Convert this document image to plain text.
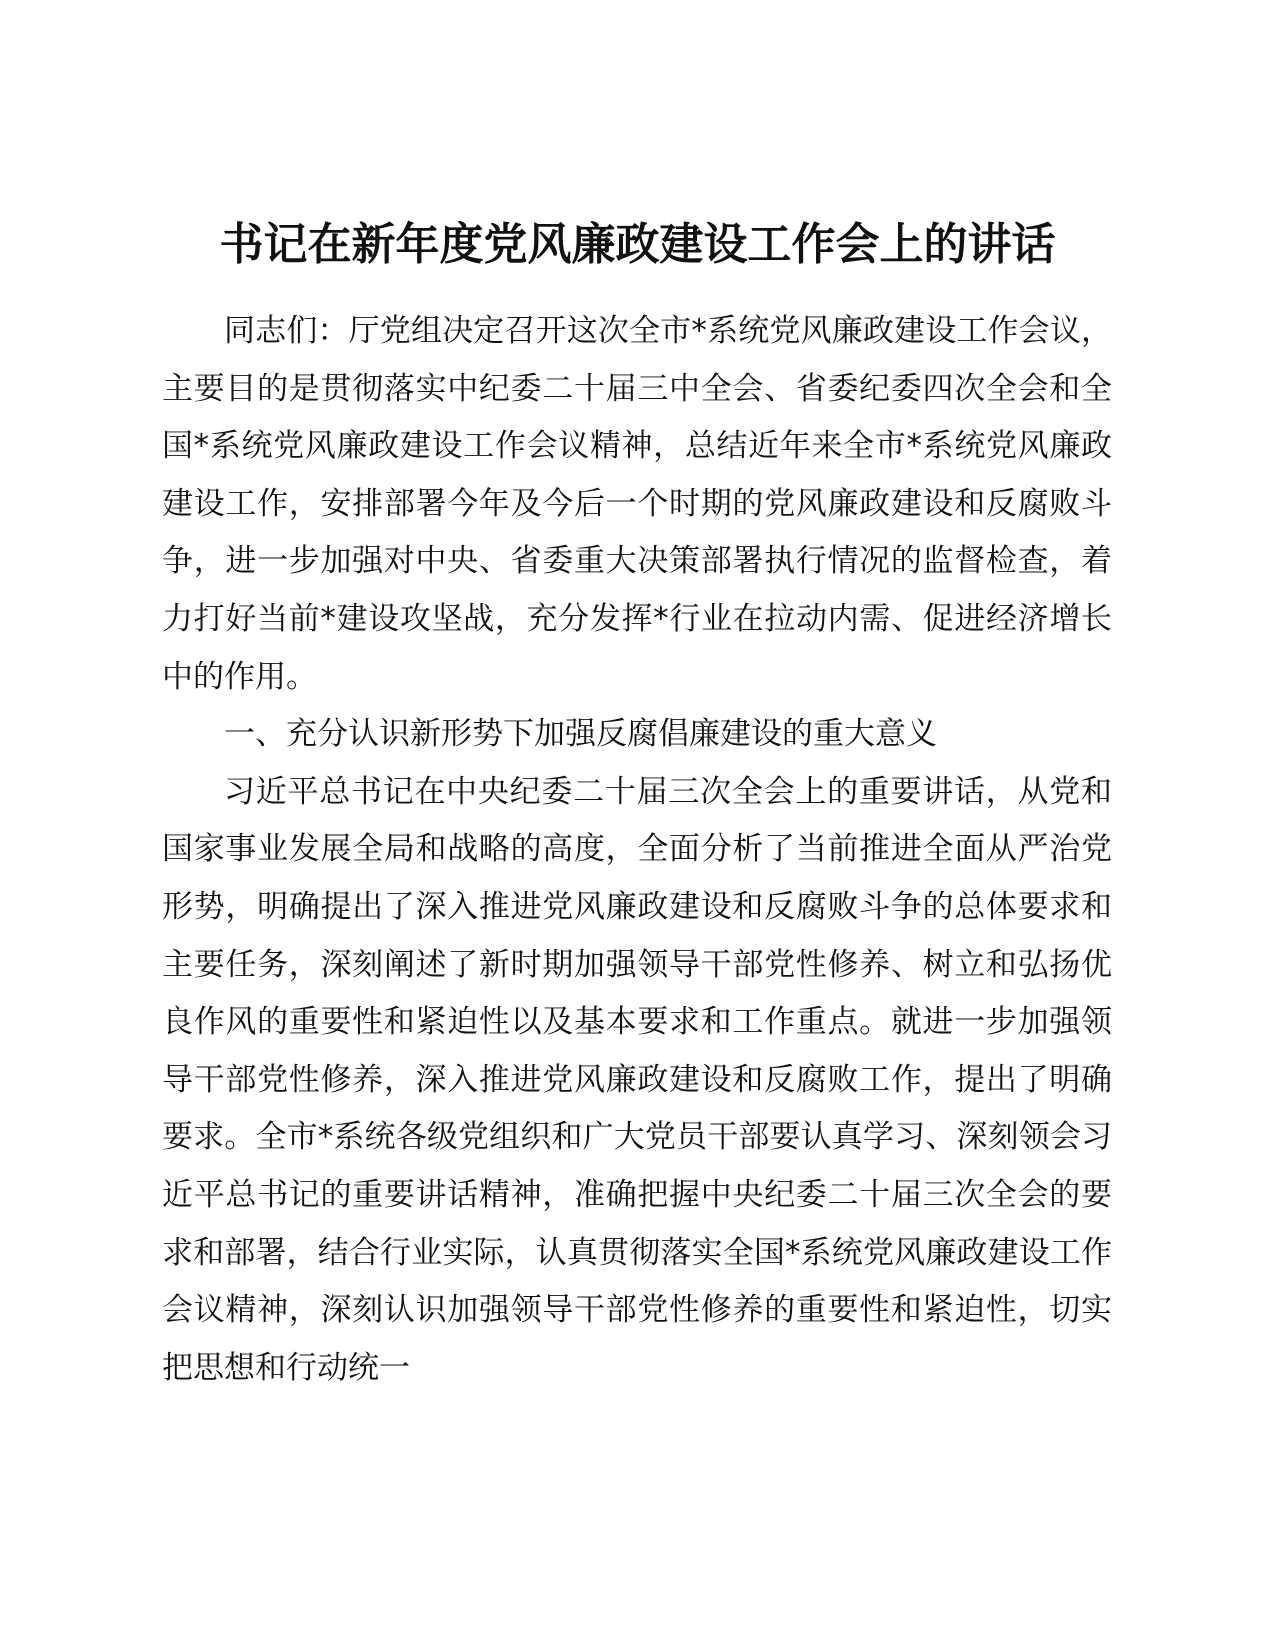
书记在新年度党风廉政建设工作会上的讲话

同志们：厅党组决定召开这次全市*系统党风廉政建设工作会议，主要目的是贯彻落实中纪委二十届三中全会、省委纪委四次全会和全国*系统党风廉政建设工作会议精神，总结近年来全市*系统党风廉政建设工作，安排部署今年及今后一个时期的党风廉政建设和反腐败斗争，进一步加强对中央、省委重大决策部署执行情况的监督检查，着力打好当前*建设攻坚战，充分发挥*行业在拉动内需、促进经济增长中的作用。

一、充分认识新形势下加强反腐倡廉建设的重大意义

习近平总书记在中央纪委二十届三次全会上的重要讲话，从党和国家事业发展全局和战略的高度，全面分析了当前推进全面从严治党形势，明确提出了深入推进党风廉政建设和反腐败斗争的总体要求和主要任务，深刻阐述了新时期加强领导干部党性修养、树立和弘扬优良作风的重要性和紧迫性以及基本要求和工作重点。就进一步加强领导干部党性修养，深入推进党风廉政建设和反腐败工作，提出了明确要求。全市*系统各级党组织和广大党员干部要认真学习、深刻领会习近平总书记的重要讲话精神，准确把握中央纪委二十届三次全会的要求和部署，结合行业实际，认真贯彻落实全国*系统党风廉政建设工作会议精神，深刻认识加强领导干部党性修养的重要性和紧迫性，切实把思想和行动统一
